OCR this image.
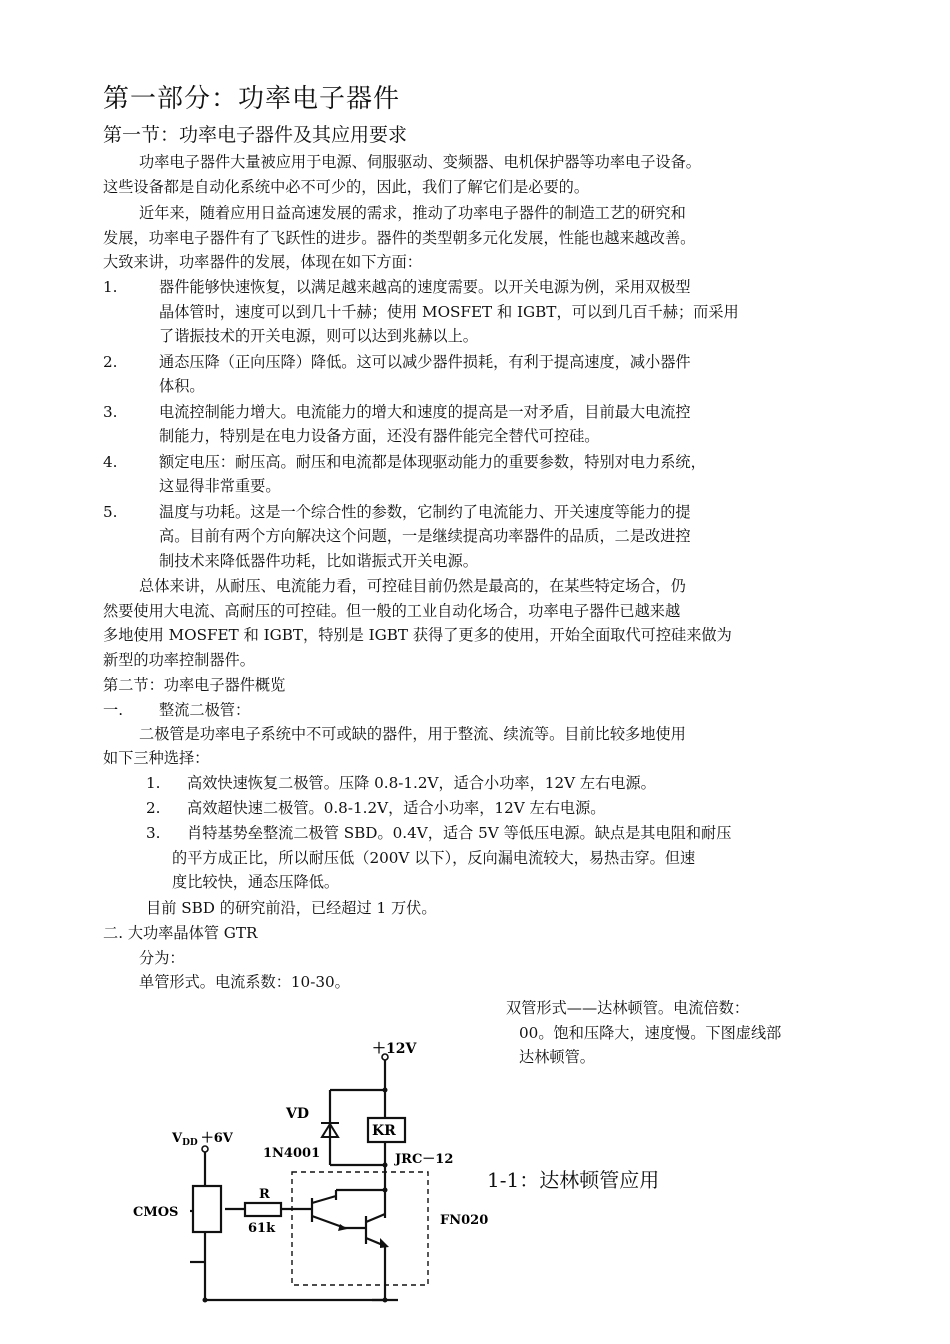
第一部分：功率电子器件
第一节：功率电子器件及其应用要求
功率电子器件大量被应用于电源、伺服驱动、变频器、电机保护器等功率电子设备。
这些设备都是自动化系统中必不可少的，因此，我们了解它们是必要的。
近年来，随着应用日益高速发展的需求，推动了功率电子器件的制造工艺的研究和
发展，功率电子器件有了飞跃性的进步。器件的类型朝多元化发展，性能也越来越改善。
大致来讲，功率器件的发展，体现在如下方面：
1.	器件能够快速恢复，以满足越来越高的速度需要。以开关电源为例，采用双极型
晶体管时，速度可以到几十千赫；使用 MOSFET 和 IGBT，可以到几百千赫；而采用
了谐振技术的开关电源，则可以达到兆赫以上。
2.	通态压降（正向压降）降低。这可以减少器件损耗，有利于提高速度，减小器件
体积。
3.	电流控制能力增大。电流能力的增大和速度的提高是一对矛盾，目前最大电流控
制能力，特别是在电力设备方面，还没有器件能完全替代可控硅。
4.	额定电压：耐压高。耐压和电流都是体现驱动能力的重要参数，特别对电力系统，
这显得非常重要。
5.	温度与功耗。这是一个综合性的参数，它制约了电流能力、开关速度等能力的提
高。目前有两个方向解决这个问题，一是继续提高功率器件的品质，二是改进控
制技术来降低器件功耗，比如谐振式开关电源。
总体来讲，从耐压、电流能力看，可控硅目前仍然是最高的，在某些特定场合，仍
然要使用大电流、高耐压的可控硅。但一般的工业自动化场合，功率电子器件已越来越
多地使用 MOSFET 和 IGBT，特别是 IGBT 获得了更多的使用，开始全面取代可控硅来做为
新型的功率控制器件。
第二节：功率电子器件概览
一. 整流二极管：
二极管是功率电子系统中不可或缺的器件，用于整流、续流等。目前比较多地使用
如下三种选择：
1. 高效快速恢复二极管。压降 0.8-1.2V，适合小功率，12V 左右电源。
2. 高效超快速二极管。0.8-1.2V，适合小功率，12V 左右电源。
3. 肖特基势垒整流二极管 SBD。0.4V，适合 5V 等低压电源。缺点是其电阻和耐压
的平方成正比，所以耐压低（200V 以下），反向漏电流较大，易热击穿。但速
度比较快，通态压降低。
目前 SBD 的研究前沿，已经超过 1 万伏。
二. 大功率晶体管 GTR
分为：
单管形式。电流系数：10-30。
双管形式——达林顿管。电流倍数：
00。饱和压降大，速度慢。下图虚线部
达林顿管。
1-1：达林顿管应用
＋12V
VD
KR
1N4001	JRC－12
$V_{DD} +6V$
CMOS
R
61k
FN020
